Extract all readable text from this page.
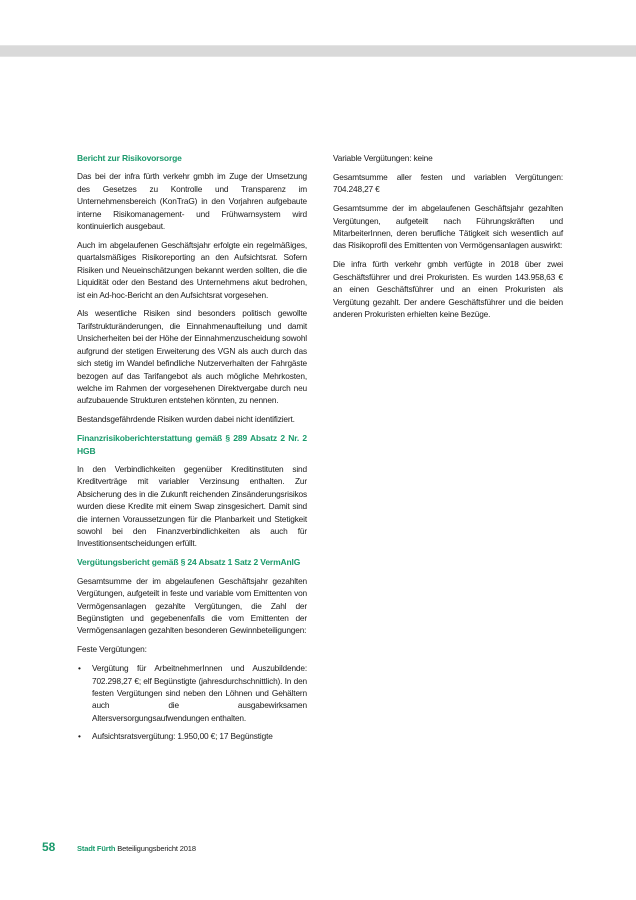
Bericht zur Risikovorsorge

Das bei der infra fürth verkehr gmbh im Zuge der Umsetzung des Gesetzes zu Kontrolle und Transparenz im Unternehmensbereich (KonTraG) in den Vorjahren aufgebaute interne Risikomanagement- und Frühwarnsystem wird kontinuierlich ausgebaut.

Auch im abgelaufenen Geschäftsjahr erfolgte ein regelmäßiges, quartalsmäßiges Risikoreporting an den Aufsichtsrat. Sofern Risiken und Neueinschätzungen bekannt werden sollten, die die Liquidität oder den Bestand des Unternehmens akut bedrohen, ist ein Ad-hoc-Bericht an den Aufsichtsrat vorgesehen.

Als wesentliche Risiken sind besonders politisch gewollte Tarifstrukturänderungen, die Einnahmenaufteilung und damit Unsicherheiten bei der Höhe der Einnahmenzuscheidung sowohl aufgrund der stetigen Erweiterung des VGN als auch durch das sich stetig im Wandel befindliche Nutzerverhalten der Fahrgäste bezogen auf das Tarifangebot als auch mögliche Mehrkosten, welche im Rahmen der vorgesehenen Direktvergabe durch neu aufzubauende Strukturen entstehen könnten, zu nennen.

Bestandsgefährdende Risiken wurden dabei nicht identifiziert.

Finanzrisikoberichterstattung gemäß § 289 Absatz 2 Nr. 2 HGB

In den Verbindlichkeiten gegenüber Kreditinstituten sind Kreditverträge mit variabler Verzinsung enthalten. Zur Absicherung des in die Zukunft reichenden Zinsänderungsrisikos wurden diese Kredite mit einem Swap zinsgesichert. Damit sind die internen Voraussetzungen für die Planbarkeit und Stetigkeit sowohl bei den Finanzverbindlichkeiten als auch für Investitionsentscheidungen erfüllt.

Vergütungsbericht gemäß § 24 Absatz 1 Satz 2 VermAnlG

Gesamtsumme der im abgelaufenen Geschäftsjahr gezahlten Vergütungen, aufgeteilt in feste und variable vom Emittenten von Vermögensanlagen gezahlte Vergütungen, die Zahl der Begünstigten und gegebenenfalls die vom Emittenten der Vermögensanlagen gezahlten besonderen Gewinnbeteiligungen:

Feste Vergütungen:

• Vergütung für ArbeitnehmerInnen und Auszubildende: 702.298,27 €; elf Begünstigte (jahresdurchschnittlich). In den festen Vergütungen sind neben den Löhnen und Gehältern auch die ausgabewirksamen Altersversorgungsaufwendungen enthalten.
• Aufsichtsratsvergütung: 1.950,00 €; 17 Begünstigte

Variable Vergütungen: keine

Gesamtsumme aller festen und variablen Vergütungen: 704.248,27 €

Gesamtsumme der im abgelaufenen Geschäftsjahr gezahlten Vergütungen, aufgeteilt nach Führungskräften und MitarbeiterInnen, deren berufliche Tätigkeit sich wesentlich auf das Risikoprofil des Emittenten von Vermögensanlagen auswirkt:

Die infra fürth verkehr gmbh verfügte in 2018 über zwei Geschäftsführer und drei Prokuristen. Es wurden 143.958,63 € an einen Geschäftsführer und an einen Prokuristen als Vergütung gezahlt. Der andere Geschäftsführer und die beiden anderen Prokuristen erhielten keine Bezüge.

58	Stadt Fürth Beteiligungsbericht 2018
